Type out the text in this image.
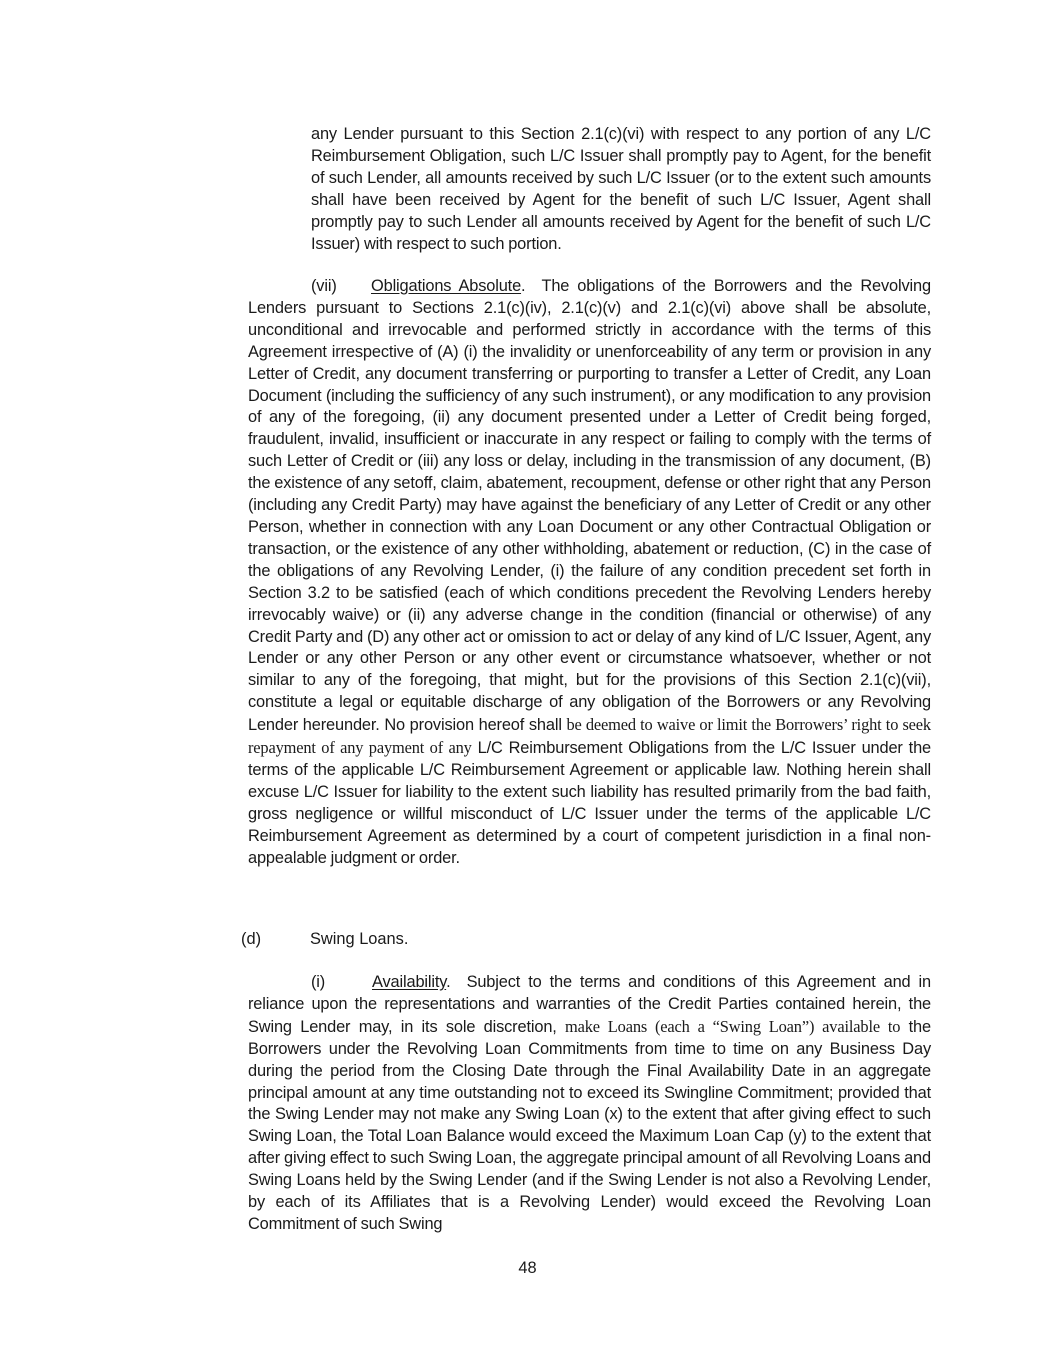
any Lender pursuant to this Section 2.1(c)(vi) with respect to any portion of any L/C Reimbursement Obligation, such L/C Issuer shall promptly pay to Agent, for the benefit of such Lender, all amounts received by such L/C Issuer (or to the extent such amounts shall have been received by Agent for the benefit of such L/C Issuer, Agent shall promptly pay to such Lender all amounts received by Agent for the benefit of such L/C Issuer) with respect to such portion.

(vii) Obligations Absolute. The obligations of the Borrowers and the Revolving Lenders pursuant to Sections 2.1(c)(iv), 2.1(c)(v) and 2.1(c)(vi) above shall be absolute, unconditional and irrevocable and performed strictly in accordance with the terms of this Agreement irrespective of (A) (i) the invalidity or unenforceability of any term or provision in any Letter of Credit, any document transferring or purporting to transfer a Letter of Credit, any Loan Document (including the sufficiency of any such instrument), or any modification to any provision of any of the foregoing, (ii) any document presented under a Letter of Credit being forged, fraudulent, invalid, insufficient or inaccurate in any respect or failing to comply with the terms of such Letter of Credit or (iii) any loss or delay, including in the transmission of any document, (B) the existence of any setoff, claim, abatement, recoupment, defense or other right that any Person (including any Credit Party) may have against the beneficiary of any Letter of Credit or any other Person, whether in connection with any Loan Document or any other Contractual Obligation or transaction, or the existence of any other withholding, abatement or reduction, (C) in the case of the obligations of any Revolving Lender, (i) the failure of any condition precedent set forth in Section 3.2 to be satisfied (each of which conditions precedent the Revolving Lenders hereby irrevocably waive) or (ii) any adverse change in the condition (financial or otherwise) of any Credit Party and (D) any other act or omission to act or delay of any kind of L/C Issuer, Agent, any Lender or any other Person or any other event or circumstance whatsoever, whether or not similar to any of the foregoing, that might, but for the provisions of this Section 2.1(c)(vii), constitute a legal or equitable discharge of any obligation of the Borrowers or any Revolving Lender hereunder. No provision hereof shall be deemed to waive or limit the Borrowers’ right to seek repayment of any payment of any L/C Reimbursement Obligations from the L/C Issuer under the terms of the applicable L/C Reimbursement Agreement or applicable law. Nothing herein shall excuse L/C Issuer for liability to the extent such liability has resulted primarily from the bad faith, gross negligence or willful misconduct of L/C Issuer under the terms of the applicable L/C Reimbursement Agreement as determined by a court of competent jurisdiction in a final non-appealable judgment or order.

(d)	Swing Loans.

(i)	Availability. Subject to the terms and conditions of this Agreement and in reliance upon the representations and warranties of the Credit Parties contained herein, the Swing Lender may, in its sole discretion, make Loans (each a “Swing Loan”) available to the Borrowers under the Revolving Loan Commitments from time to time on any Business Day during the period from the Closing Date through the Final Availability Date in an aggregate principal amount at any time outstanding not to exceed its Swingline Commitment; provided that the Swing Lender may not make any Swing Loan (x) to the extent that after giving effect to such Swing Loan, the Total Loan Balance would exceed the Maximum Loan Cap (y) to the extent that after giving effect to such Swing Loan, the aggregate principal amount of all Revolving Loans and Swing Loans held by the Swing Lender (and if the Swing Lender is not also a Revolving Lender, by each of its Affiliates that is a Revolving Lender) would exceed the Revolving Loan Commitment of such Swing

48
